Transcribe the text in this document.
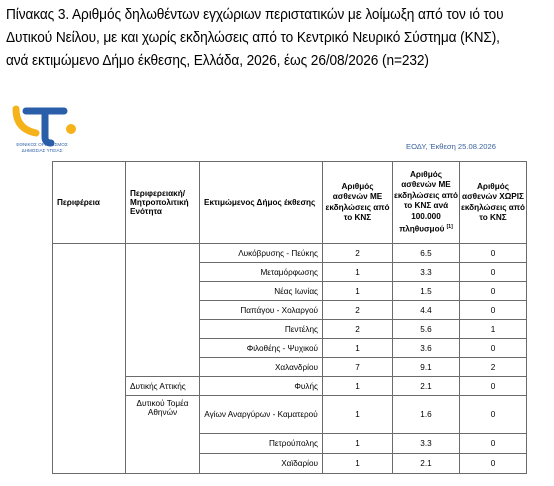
Πίνακας 3. Αριθμός δηλωθέντων εγχώριων περιστατικών με λοίμωξη από τον ιό του Δυτικού Νείλου, με και χωρίς εκδηλώσεις από το Κεντρικό Νευρικό Σύστημα (ΚΝΣ), ανά εκτιμώμενο Δήμο έκθεσης, Ελλάδα, 2026, έως 26/08/2026 (n=232)
ΕΘΝΙΚΟΣ ΟΡΓΑΝΙΣΜΟΣ
ΔΗΜΟΣΙΑΣ ΥΓΕΙΑΣ	ΕΟΔΥ, Έκθεση 25.08.2026
Περιφέρεια	Περιφερειακή/ Μητροπολιτική Ενότητα	Εκτιμώμενος Δήμος έκθεσης	Αριθμός ασθενών ΜΕ εκδηλώσεις από το ΚΝΣ	Αριθμός ασθενών ΜΕ εκδηλώσεις από το ΚΝΣ ανά 100.000 πληθυσμού [1]	Αριθμός ασθενών ΧΩΡΙΣ εκδηλώσεις από το ΚΝΣ
		Λυκόβρυσης - Πεύκης	2	6.5	0
		Μεταμόρφωσης	1	3.3	0
		Νέας Ιωνίας	1	1.5	0
		Παπάγου - Χολαργού	2	4.4	0
		Πεντέλης	2	5.6	1
		Φιλοθέης - Ψυχικού	1	3.6	0
		Χαλανδρίου	7	9.1	2
	Δυτικής Αττικής	Φυλής	1	2.1	0
	Δυτικού Τομέα Αθηνών	Αγίων Αναργύρων - Καματερού	1	1.6	0
		Πετρούπολης	1	3.3	0
		Χαϊδαρίου	1	2.1	0
